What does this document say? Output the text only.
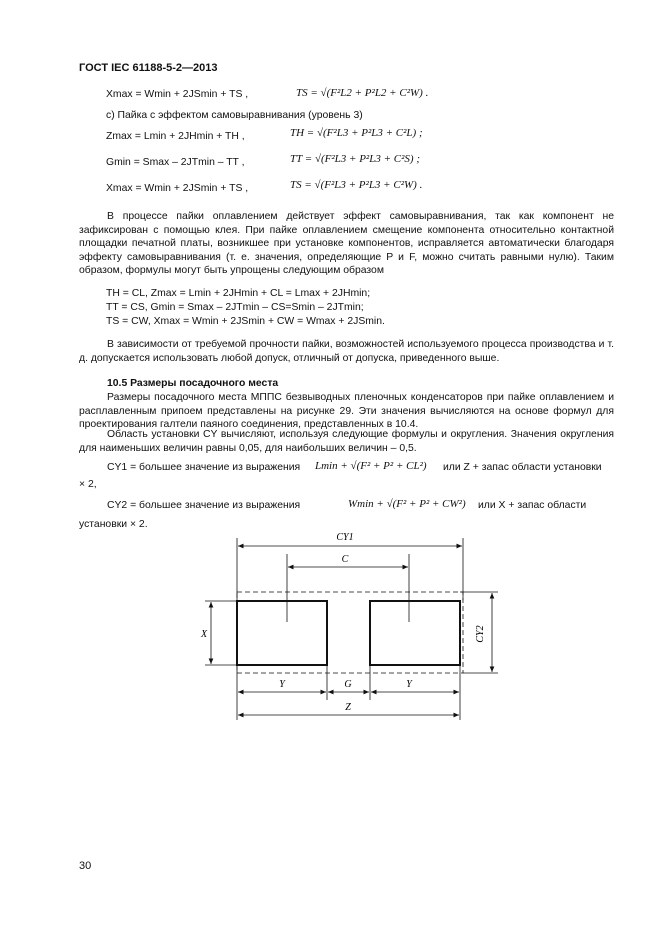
ГОСТ IEC 61188-5-2—2013
Xmax = Wmin + 2JSmin + TS ,	TS = √(F²L2 + P²L2 + C²W) .
c) Пайка с эффектом самовыравнивания (уровень 3)
Zmax = Lmin + 2JHmin + TH ,	TH = √(F²L3 + P²L3 + C²L) ;
Gmin = Smax – 2JTmin – TT ,	TT = √(F²L3 + P²L3 + C²S) ;
Xmax = Wmin + 2JSmin + TS ,	TS = √(F²L3 + P²L3 + C²W) .
В процессе пайки оплавлением действует эффект самовыравнивания, так как компонент не зафиксирован с помощью клея. При пайке оплавлением смещение компонента относительно контактной площадки печатной платы, возникшее при установке компонентов, исправляется автоматически благодаря эффекту самовыравнивания (т. е. значения, определяющие P и F, можно считать равными нулю). Таким образом, формулы могут быть упрощены следующим образом
TH = CL, Zmax = Lmin + 2JHmin + CL = Lmax + 2JHmin;
TT = CS, Gmin = Smax – 2JTmin – CS=Smin – 2JTmin;
TS = CW, Xmax = Wmin + 2JSmin + CW = Wmax + 2JSmin.
В зависимости от требуемой прочности пайки, возможностей используемого процесса производства и т. д. допускается использовать любой допуск, отличный от допуска, приведенного выше.
10.5 Размеры посадочного места
Размеры посадочного места МППС безвыводных пленочных конденсаторов при пайке оплавлением и расплавленным припоем представлены на рисунке 29. Эти значения вычисляются на основе формул для проектирования галтели паяного соединения, представленных в 10.4.
Область установки CY вычисляют, используя следующие формулы и округления. Значения округления для наименьших величин равны 0,05, для наибольших величин – 0,5.
CY1 = большее значение из выражения Lmin + √(F² + P² + CL²) или Z + запас области установки
× 2,
CY2 = большее значение из выражения	Wmin + √(F² + P² + CW²) или X + запас области
установки × 2.
CY1
C
X	CY2
Y	G	Y
Z
30
